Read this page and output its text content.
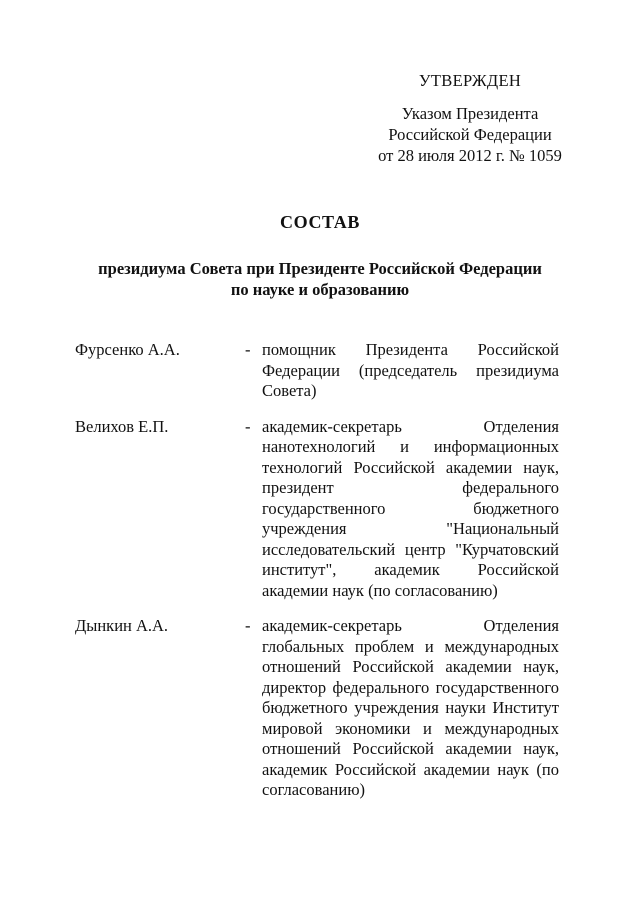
УТВЕРЖДЕН
Указом Президента
Российской Федерации
от 28 июля 2012 г. № 1059
СОСТАВ
президиума Совета при Президенте Российской Федерации
по науке и образованию
Фурсенко А.А.	- помощник Президента Российской Федерации (председатель президиума Совета)
Велихов Е.П.	- академик-секретарь Отделения нанотехнологий и информационных технологий Российской академии наук, президент федерального государственного бюджетного учреждения "Национальный исследовательский центр "Курчатовский институт", академик Российской академии наук (по согласованию)
Дынкин А.А.	- академик-секретарь Отделения глобальных проблем и международных отношений Российской академии наук, директор федерального государственного бюджетного учреждения науки Институт мировой экономики и международных отношений Российской академии наук, академик Российской академии наук (по согласованию)
